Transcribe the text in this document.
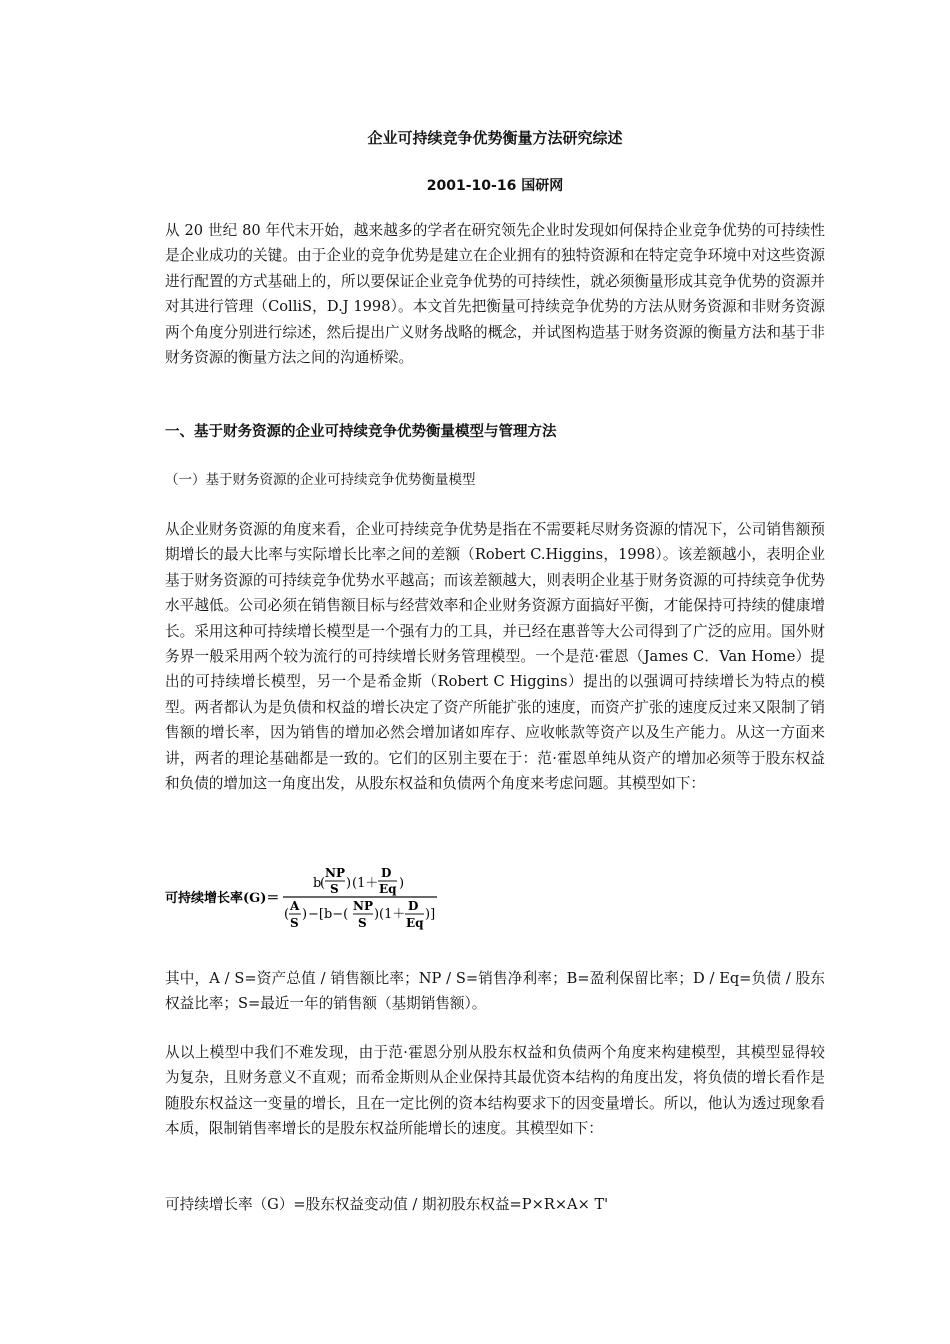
企业可持续竞争优势衡量方法研究综述
2001-10-16 国研网

从 20 世纪 80 年代末开始，越来越多的学者在研究领先企业时发现如何保持企业竞争优势的可持续性是企业成功的关键。由于企业的竞争优势是建立在企业拥有的独特资源和在特定竞争环境中对这些资源进行配置的方式基础上的，所以要保证企业竞争优势的可持续性，就必须衡量形成其竞争优势的资源并对其进行管理（ColliS，D.J 1998）。本文首先把衡量可持续竞争优势的方法从财务资源和非财务资源两个角度分别进行综述，然后提出广义财务战略的概念，并试图构造基于财务资源的衡量方法和基于非财务资源的衡量方法之间的沟通桥梁。

一、基于财务资源的企业可持续竞争优势衡量模型与管理方法
（一）基于财务资源的企业可持续竞争优势衡量模型

从企业财务资源的角度来看，企业可持续竞争优势是指在不需要耗尽财务资源的情况下，公司销售额预期增长的最大比率与实际增长比率之间的差额（Robert C.Higgins，1998）。该差额越小，表明企业基于财务资源的可持续竞争优势水平越高；而该差额越大，则表明企业基于财务资源的可持续竞争优势水平越低。公司必须在销售额目标与经营效率和企业财务资源方面搞好平衡，才能保持可持续的健康增长。采用这种可持续增长模型是一个强有力的工具，并已经在惠普等大公司得到了广泛的应用。国外财务界一般采用两个较为流行的可持续增长财务管理模型。一个是范·霍恩（James C．Van Home）提出的可持续增长模型，另一个是希金斯（Robert C Higgins）提出的以强调可持续增长为特点的模型。两者都认为是负债和权益的增长决定了资产所能扩张的速度，而资产扩张的速度反过来又限制了销售额的增长率，因为销售的增加必然会增加诸如库存、应收帐款等资产以及生产能力。从这一方面来讲，两者的理论基础都是一致的。它们的区别主要在于：范·霍恩单纯从资产的增加必须等于股东权益和负债的增加这一角度出发，从股东权益和负债两个角度来考虑问题。其模型如下：

可持续增长率(G)＝
b
(
NP
S ) (1＋
D
Eq )
(
A
S
) −[b−(
NP
S
) (1＋
D
Eq
)]

其中，A / S=资产总值 / 销售额比率；NP / S=销售净利率；B=盈利保留比率；D / Eq=负债 / 股东权益比率；S=最近一年的销售额（基期销售额）。

从以上模型中我们不难发现，由于范·霍恩分别从股东权益和负债两个角度来构建模型，其模型显得较为复杂，且财务意义不直观；而希金斯则从企业保持其最优资本结构的角度出发，将负债的增长看作是随股东权益这一变量的增长，且在一定比例的资本结构要求下的因变量增长。所以，他认为透过现象看本质，限制销售率增长的是股东权益所能增长的速度。其模型如下：

可持续增长率（G）=股东权益变动值 / 期初股东权益=P×R×A× T'
